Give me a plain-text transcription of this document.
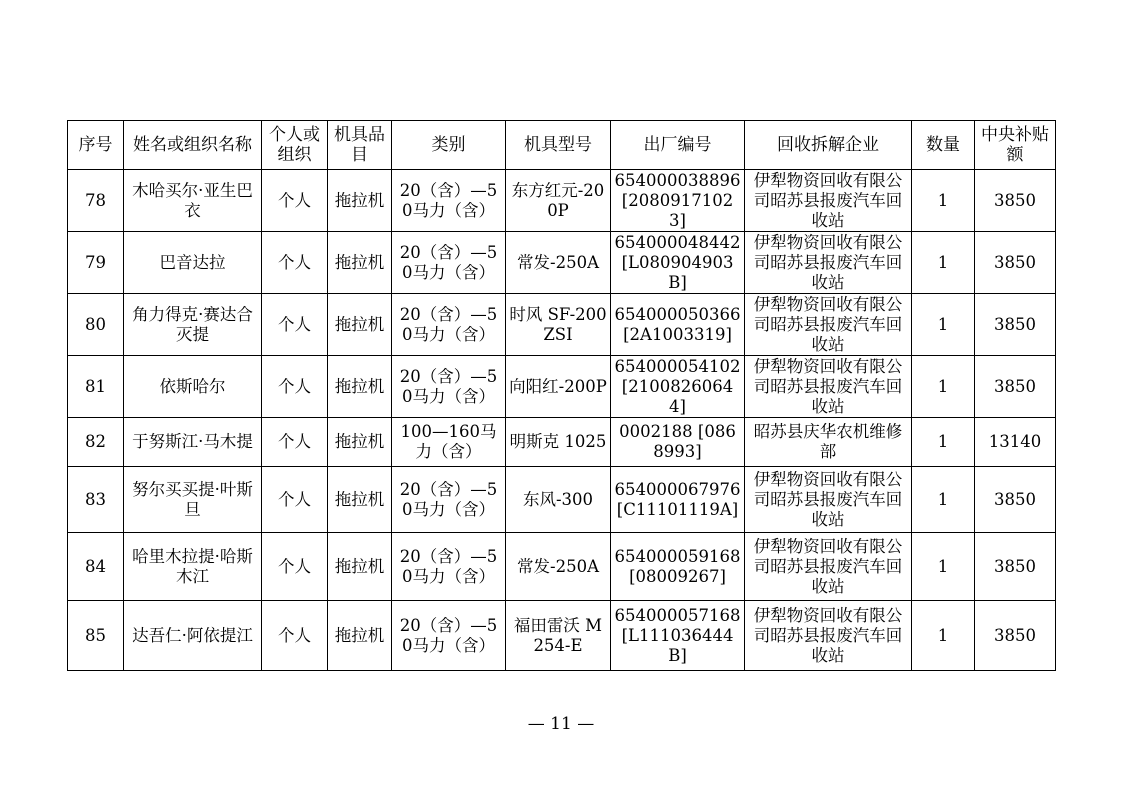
序号	姓名或组织名称	个人或组织	机具品目	类别	机具型号	出厂编号	回收拆解企业	数量	中央补贴额
78	木哈买尔·亚生巴衣	个人	拖拉机	20（含）—50马力（含）	东方红元-200P	654000038896 [20809171023]	伊犁物资回收有限公司昭苏县报废汽车回收站	1	3850
79	巴音达拉	个人	拖拉机	20（含）—50马力（含）	常发-250A	654000048442 [L080904903B]	伊犁物资回收有限公司昭苏县报废汽车回收站	1	3850
80	角力得克·赛达合灭提	个人	拖拉机	20（含）—50马力（含）	时风 SF-200ZSI	654000050366 [2A1003319]	伊犁物资回收有限公司昭苏县报废汽车回收站	1	3850
81	依斯哈尔	个人	拖拉机	20（含）—50马力（含）	向阳红-200P	654000054102 [21008260644]	伊犁物资回收有限公司昭苏县报废汽车回收站	1	3850
82	于努斯江·马木提	个人	拖拉机	100—160马力（含）	明斯克 1025	0002188 [0868993]	昭苏县庆华农机维修部	1	13140
83	努尔买买提·叶斯旦	个人	拖拉机	20（含）—50马力（含）	东风-300	654000067976 [C11101119A]	伊犁物资回收有限公司昭苏县报废汽车回收站	1	3850
84	哈里木拉提·哈斯木江	个人	拖拉机	20（含）—50马力（含）	常发-250A	654000059168 [08009267]	伊犁物资回收有限公司昭苏县报废汽车回收站	1	3850
85	达吾仁·阿依提江	个人	拖拉机	20（含）—50马力（含）	福田雷沃 M254-E	654000057168 [L111036444B]	伊犁物资回收有限公司昭苏县报废汽车回收站	1	3850
— 11 —
